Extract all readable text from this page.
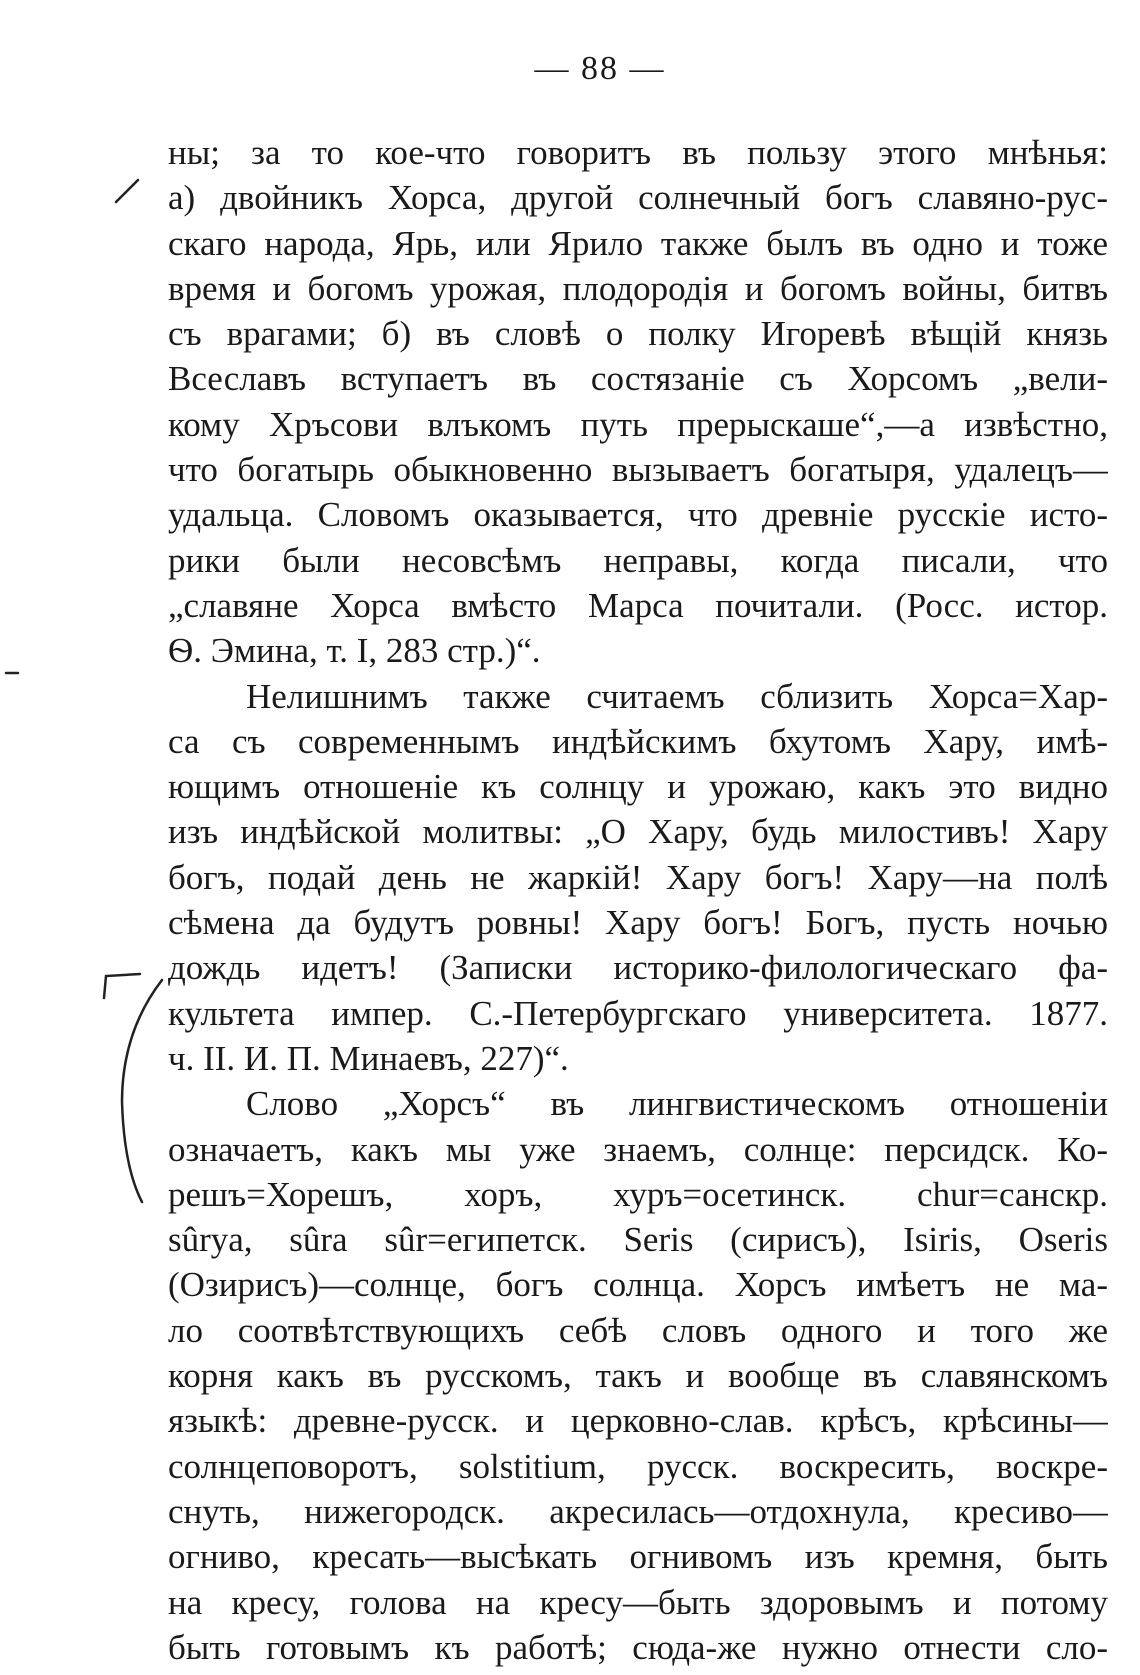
— 88 —
ны; за то кое-что говоритъ въ пользу этого мнѣнья:
а) двойникъ Хорса, другой солнечный богъ славяно-рус-
скаго народа, Ярь, или Ярило также былъ въ одно и тоже
время и богомъ урожая, плодородія и богомъ войны, битвъ
съ врагами; б) въ словѣ о полку Игоревѣ вѣщій князь
Всеславъ вступаетъ въ состязаніе съ Хорсомъ „вели-
кому Хръсови влъкомъ путь прерыскаше“,—а извѣстно,
что богатырь обыкновенно вызываетъ богатыря, удалецъ—
удальца. Словомъ оказывается, что древніе русскіе исто-
рики были несовсѣмъ неправы, когда писали, что
„славяне Хорса вмѣсто Марса почитали. (Росс. истор.
Ѳ. Эмина, т. I, 283 стр.)“.
Нелишнимъ также считаемъ сблизить Хорса=Хар-
са съ современнымъ индѣйскимъ бхутомъ Хару, имѣ-
ющимъ отношеніе къ солнцу и урожаю, какъ это видно
изъ индѣйской молитвы: „О Хару, будь милостивъ! Хару
богъ, подай день не жаркій! Хару богъ! Хару—на полѣ
сѣмена да будутъ ровны! Хару богъ! Богъ, пусть ночью
дождь идетъ! (Записки историко-филологическаго фа-
культета импер. С.-Петербургскаго университета. 1877.
ч. II. И. П. Минаевъ, 227)“.
Слово „Хорсъ“ въ лингвистическомъ отношеніи
означаетъ, какъ мы уже знаемъ, солнце: персидск. Ко-
решъ=Хорешъ, хоръ, хуръ=осетинск. chur=санскр.
sûrya, sûra sûr=египетск. Seris (сирисъ), Isiris, Oseris
(Озирисъ)—солнце, богъ солнца. Хорсъ имѣетъ не ма-
ло соотвѣтствующихъ себѣ словъ одного и того же
корня какъ въ русскомъ, такъ и вообще въ славянскомъ
языкѣ: древне-русск. и церковно-слав. крѣсъ, крѣсины—
солнцеповоротъ, solstitium, русск. воскресить, воскре-
снуть, нижегородск. акресилась—отдохнула, кресиво—
огниво, кресать—высѣкать огнивомъ изъ кремня, быть
на кресу, голова на кресу—быть здоровымъ и потому
быть готовымъ къ работѣ; сюда-же нужно отнести сло-
